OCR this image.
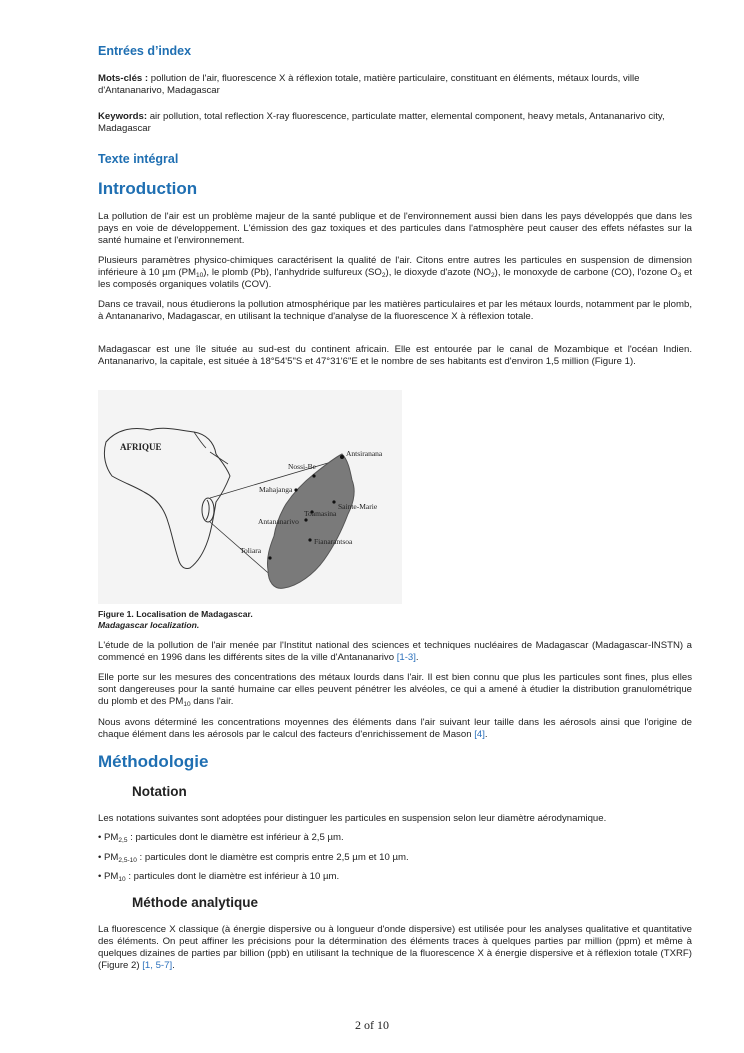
Entrées d’index

Mots-clés : pollution de l'air, fluorescence X à réflexion totale, matière particulaire, constituant en éléments, métaux lourds, ville d'Antananarivo, Madagascar

Keywords: air pollution, total reflection X-ray fluorescence, particulate matter, elemental component, heavy metals, Antananarivo city, Madagascar

Texte intégral
Introduction

La pollution de l'air est un problème majeur de la santé publique et de l'environnement aussi bien dans les pays développés que dans les pays en voie de développement. L'émission des gaz toxiques et des particules dans l'atmosphère peut causer des effets néfastes sur la santé humaine et l'environnement.

Plusieurs paramètres physico-chimiques caractérisent la qualité de l'air. Citons entre autres les particules en suspension de dimension inférieure à 10 µm $(PM_{10})$, le plomb (Pb), l'anhydride sulfureux $(SO_2)$, le dioxyde d'azote $(NO_2)$, le monoxyde de carbone (CO), l'ozone $O_3$ et les composés organiques volatils (COV).

Dans ce travail, nous étudierons la pollution atmosphérique par les matières particulaires et par les métaux lourds, notamment par le plomb, à Antananarivo, Madagascar, en utilisant la technique d'analyse de la fluorescence X à réflexion totale.

Madagascar est une île située au sud-est du continent africain. Elle est entourée par le canal de Mozambique et l'océan Indien. Antananarivo, la capitale, est située à 18°54'5"S et 47°31'6"E et le nombre de ses habitants est d'environ 1,5 million (Figure 1).

AFRIQUE
Antsiranana
Nossi-Be
Mahajanga
Sainte-Marie
Toamasina
Antananarivo
Fianarantsoa
Toliara

Figure 1. Localisation de Madagascar.

Madagascar localization.

L'étude de la pollution de l'air menée par l'Institut national des sciences et techniques nucléaires de Madagascar (Madagascar-INSTN) a commencé en 1996 dans les différents sites de la ville d'Antananarivo [1-3].

Elle porte sur les mesures des concentrations des métaux lourds dans l'air. Il est bien connu que plus les particules sont fines, plus elles sont dangereuses pour la santé humaine car elles peuvent pénétrer les alvéoles, ce qui a amené à étudier la distribution granulométrique du plomb et des $PM_{10}$ dans l'air.

Nous avons déterminé les concentrations moyennes des éléments dans l'air suivant leur taille dans les aérosols ainsi que l'origine de chaque élément dans les aérosols par le calcul des facteurs d'enrichissement de Mason [4].

Méthodologie
Notation

Les notations suivantes sont adoptées pour distinguer les particules en suspension selon leur diamètre aérodynamique.

• $PM_{2,5}$ : particules dont le diamètre est inférieur à 2,5 µm.

• $PM_{2,5-10}$ : particules dont le diamètre est compris entre 2,5 µm et 10 µm.

• $PM_{10}$ : particules dont le diamètre est inférieur à 10 µm.

Méthode analytique

La fluorescence X classique (à énergie dispersive ou à longueur d'onde dispersive) est utilisée pour les analyses qualitative et quantitative des éléments. On peut affiner les précisions pour la détermination des éléments traces à quelques parties par million (ppm) et même à quelques dizaines de parties par billion (ppb) en utilisant la technique de la fluorescence X à énergie dispersive et à réflexion totale (TXRF) (Figure 2) [1, 5-7].

2 of 10
